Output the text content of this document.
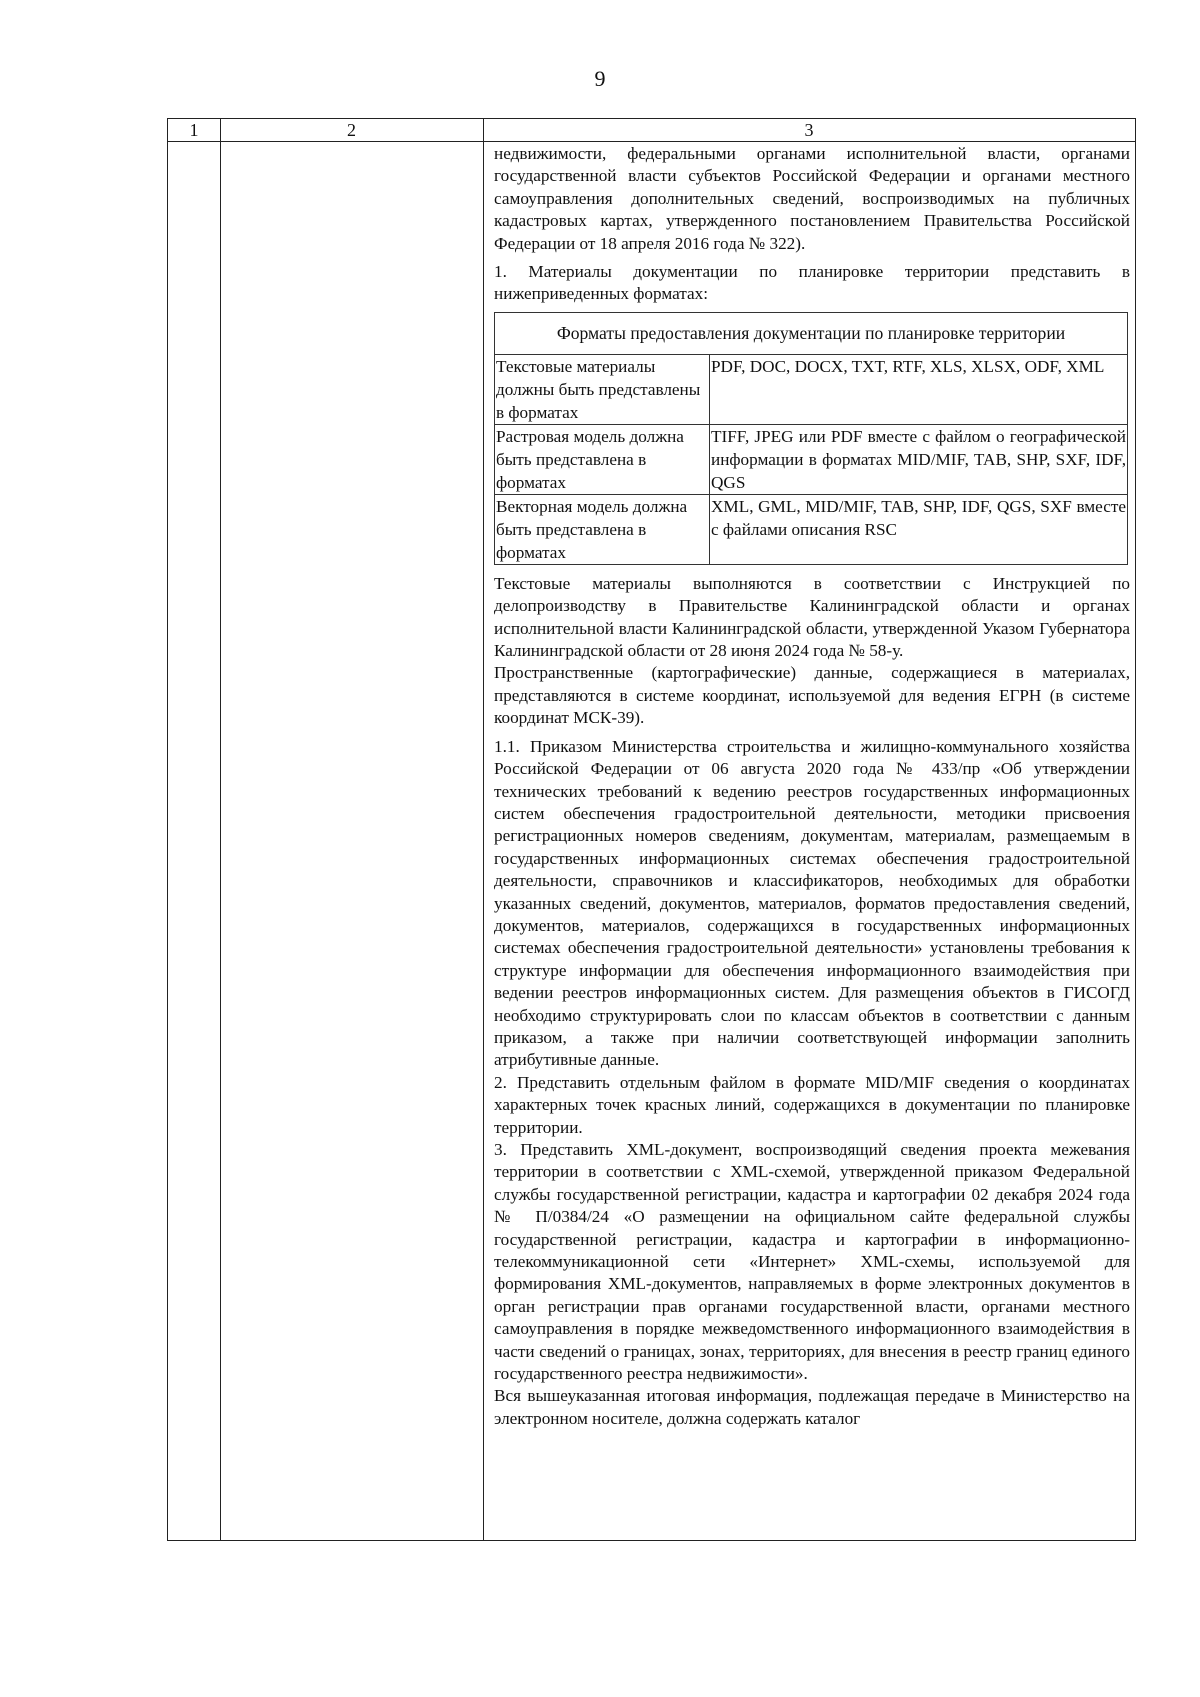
9
1	2	3

недвижимости, федеральными органами исполнительной власти, органами государственной власти субъектов Российской Федерации и органами местного самоуправления дополнительных сведений, воспроизводимых на публичных кадастровых картах, утвержденного постановлением Правительства Российской Федерации от 18 апреля 2016 года № 322).

1. Материалы документации по планировке территории представить в нижеприведенных форматах:

Форматы предоставления документации по планировке территории	
Текстовые материалы должны быть представлены в форматах	PDF, DOC, DOCX, TXT, RTF, XLS, XLSX, ODF, XML
Растровая модель должна быть представлена в форматах	TIFF, JPEG или PDF вместе с файлом о географической информации в форматах MID/MIF, TAB, SHP, SXF, IDF, QGS
Векторная модель должна быть представлена в форматах	XML, GML, MID/MIF, TAB, SHP, IDF, QGS, SXF вместе с файлами описания RSC

Текстовые материалы выполняются в соответствии с Инструкцией по делопроизводству в Правительстве Калининградской области и органах исполнительной власти Калининградской области, утвержденной Указом Губернатора Калининградской области от 28 июня 2024 года № 58-у.

Пространственные (картографические) данные, содержащиеся в материалах, представляются в системе координат, используемой для ведения ЕГРН (в системе координат МСК-39).

1.1. Приказом Министерства строительства и жилищно-коммунального хозяйства Российской Федерации от 06 августа 2020 года № 433/пр «Об утверждении технических требований к ведению реестров государственных информационных систем обеспечения градостроительной деятельности, методики присвоения регистрационных номеров сведениям, документам, материалам, размещаемым в государственных информационных системах обеспечения градостроительной деятельности, справочников и классификаторов, необходимых для обработки указанных сведений, документов, материалов, форматов предоставления сведений, документов, материалов, содержащихся в государственных информационных системах обеспечения градостроительной деятельности» установлены требования к структуре информации для обеспечения информационного взаимодействия при ведении реестров информационных систем. Для размещения объектов в ГИСОГД необходимо структурировать слои по классам объектов в соответствии с данным приказом, а также при наличии соответствующей информации заполнить атрибутивные данные.

2. Представить отдельным файлом в формате MID/MIF сведения о координатах характерных точек красных линий, содержащихся в документации по планировке территории.

3. Представить XML-документ, воспроизводящий сведения проекта межевания территории в соответствии с XML-схемой, утвержденной приказом Федеральной службы государственной регистрации, кадастра и картографии 02 декабря 2024 года № П/0384/24 «О размещении на официальном сайте федеральной службы государственной регистрации, кадастра и картографии в информационно-телекоммуникационной сети «Интернет» XML-схемы, используемой для формирования XML-документов, направляемых в форме электронных документов в орган регистрации прав органами государственной власти, органами местного самоуправления в порядке межведомственного информационного взаимодействия в части сведений о границах, зонах, территориях, для внесения в реестр границ единого государственного реестра недвижимости».

Вся вышеуказанная итоговая информация, подлежащая передаче в Министерство на электронном носителе, должна содержать каталог
